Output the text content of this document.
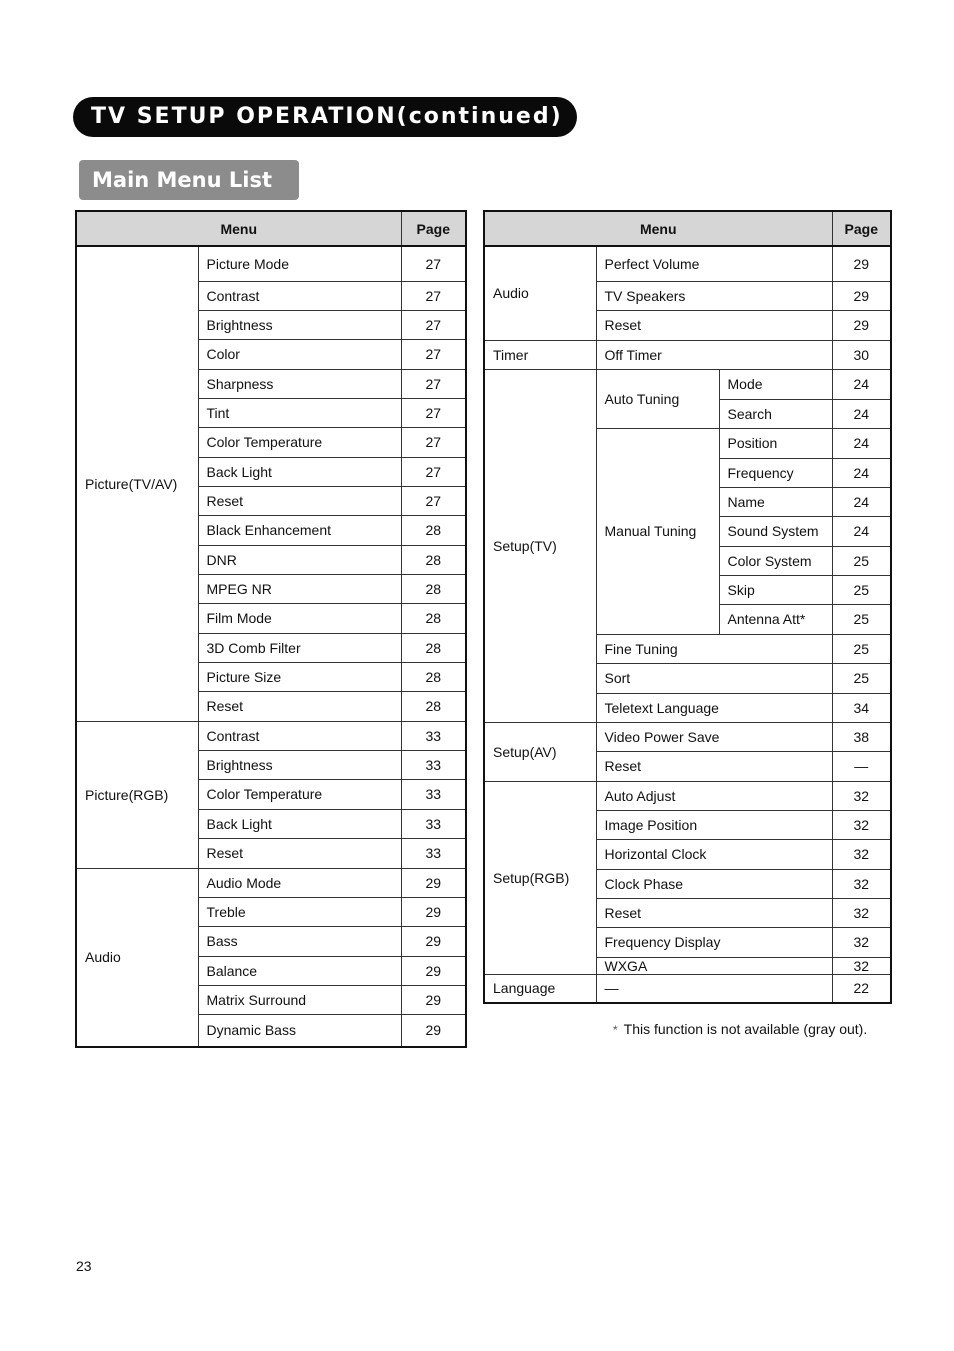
TV SETUP OPERATION(continued)
Main Menu List
Menu		Page
Picture(TV/AV)	Picture Mode	27
	Contrast	27
	Brightness	27
	Color	27
	Sharpness	27
	Tint	27
	Color Temperature	27
	Back Light	27
	Reset	27
	Black Enhancement	28
	DNR	28
	MPEG NR	28
	Film Mode	28
	3D Comb Filter	28
	Picture Size	28
	Reset	28
Picture(RGB)	Contrast	33
	Brightness	33
	Color Temperature	33
	Back Light	33
	Reset	33
Audio	Audio Mode	29
	Treble	29
	Bass	29
	Balance	29
	Matrix Surround	29
	Dynamic Bass	29
Menu			Page
Audio	Perfect Volume		29
	TV Speakers		29
	Reset		29
Timer	Off Timer		30
Setup(TV)	Auto Tuning	Mode	24
		Search	24
	Manual Tuning	Position	24
		Frequency	24
		Name	24
		Sound System	24
		Color System	25
		Skip	25
		Antenna Att*	25
	Fine Tuning		25
	Sort		25
	Teletext Language		34
Setup(AV)	Video Power Save		38
	Reset		—
Setup(RGB)	Auto Adjust		32
	Image Position		32
	Horizontal Clock		32
	Clock Phase		32
	Reset		32
	Frequency Display		32
	WXGA		32
Language	—		22
* This function is not available (gray out).
23
